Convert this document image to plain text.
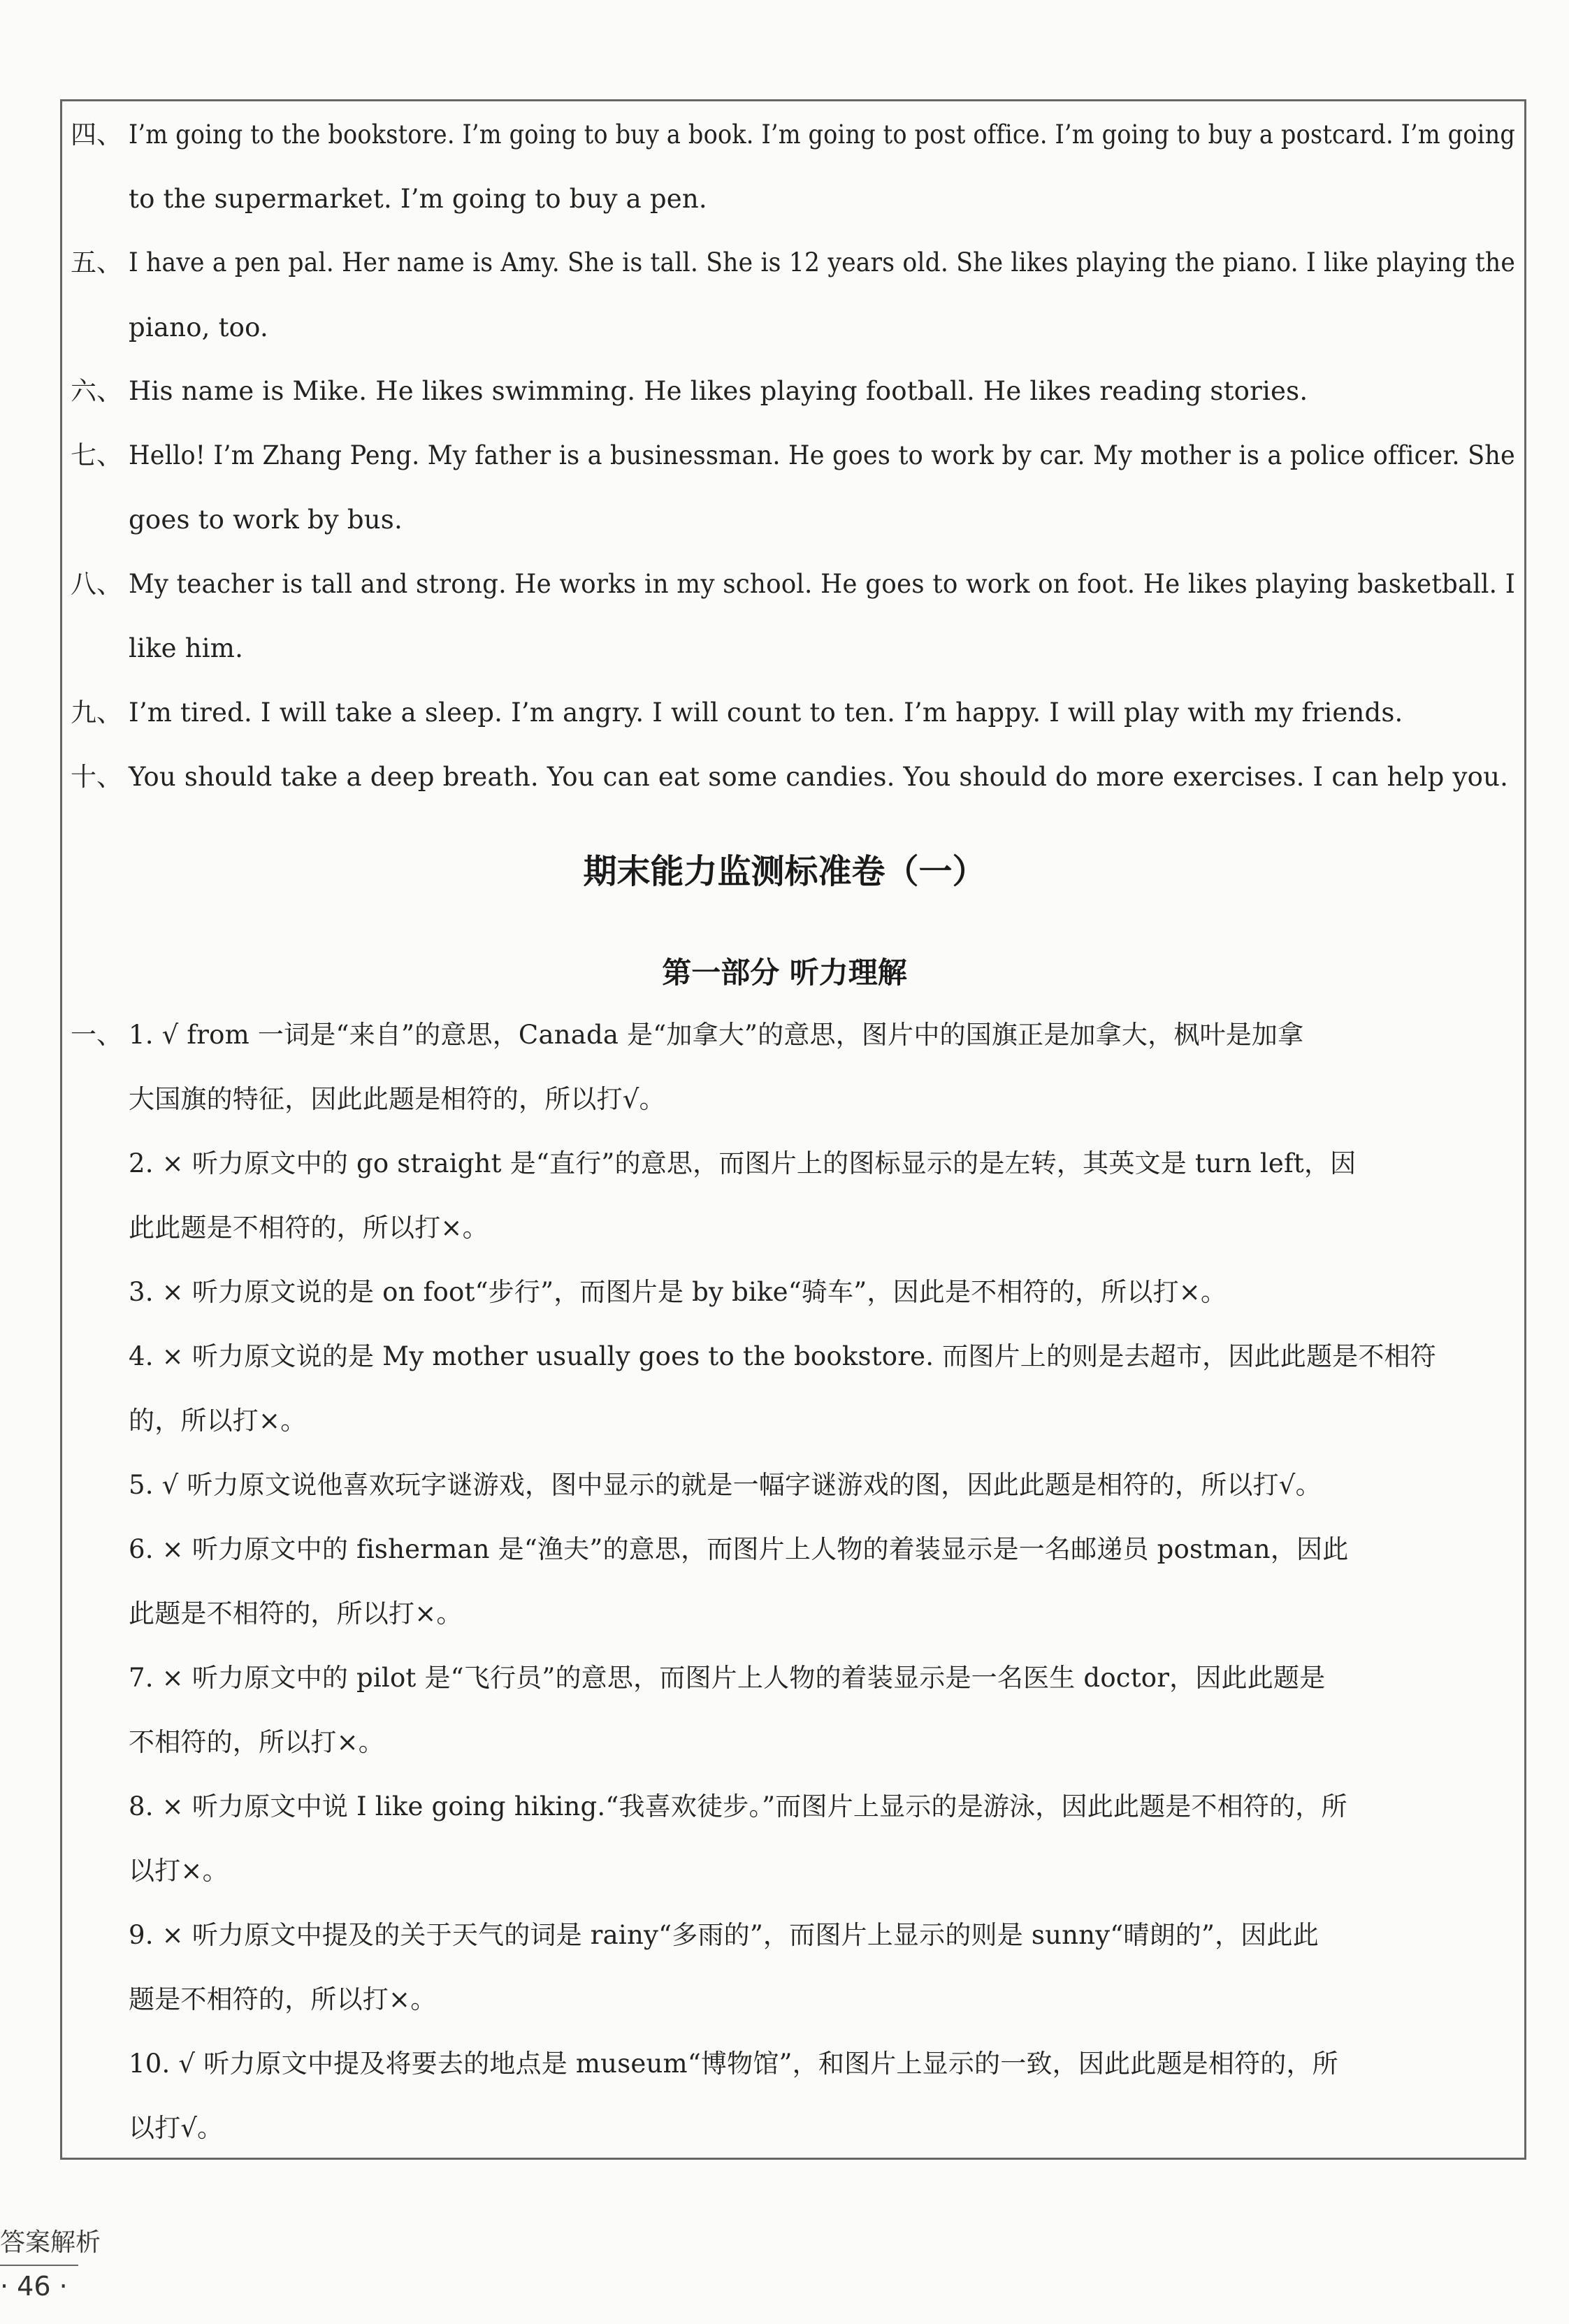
四、 I’m going to the bookstore. I’m going to buy a book. I’m going to post office. I’m going to buy a postcard. I’m going
to the supermarket. I’m going to buy a pen.
五、 I have a pen pal. Her name is Amy. She is tall. She is 12 years old. She likes playing the piano. I like playing the
piano, too.
六、 His name is Mike. He likes swimming. He likes playing football. He likes reading stories.
七、 Hello! I’m Zhang Peng. My father is a businessman. He goes to work by car. My mother is a police officer. She
goes to work by bus.
八、 My teacher is tall and strong. He works in my school. He goes to work on foot. He likes playing basketball. I
like him.
九、 I’m tired. I will take a sleep. I’m angry. I will count to ten. I’m happy. I will play with my friends.
十、 You should take a deep breath. You can eat some candies. You should do more exercises. I can help you.
期末能力监测标准卷（一）
第一部分 听力理解
一、 1. √ from 一词是“来自”的意思，Canada 是“加拿大”的意思，图片中的国旗正是加拿大，枫叶是加拿
大国旗的特征，因此此题是相符的，所以打√。
2. × 听力原文中的 go straight 是“直行”的意思，而图片上的图标显示的是左转，其英文是 turn left，因
此此题是不相符的，所以打×。
3. × 听力原文说的是 on foot“步行”，而图片是 by bike“骑车”，因此是不相符的，所以打×。
4. × 听力原文说的是 My mother usually goes to the bookstore. 而图片上的则是去超市，因此此题是不相符
的，所以打×。
5. √ 听力原文说他喜欢玩字谜游戏，图中显示的就是一幅字谜游戏的图，因此此题是相符的，所以打√。
6. × 听力原文中的 fisherman 是“渔夫”的意思，而图片上人物的着装显示是一名邮递员 postman，因此
此题是不相符的，所以打×。
7. × 听力原文中的 pilot 是“飞行员”的意思，而图片上人物的着装显示是一名医生 doctor，因此此题是
不相符的，所以打×。
8. × 听力原文中说 I like going hiking.“我喜欢徒步。”而图片上显示的是游泳，因此此题是不相符的，所
以打×。
9. × 听力原文中提及的关于天气的词是 rainy“多雨的”，而图片上显示的则是 sunny“晴朗的”，因此此
题是不相符的，所以打×。
10. √ 听力原文中提及将要去的地点是 museum“博物馆”，和图片上显示的一致，因此此题是相符的，所
以打√。
答案解析
· 46 ·
